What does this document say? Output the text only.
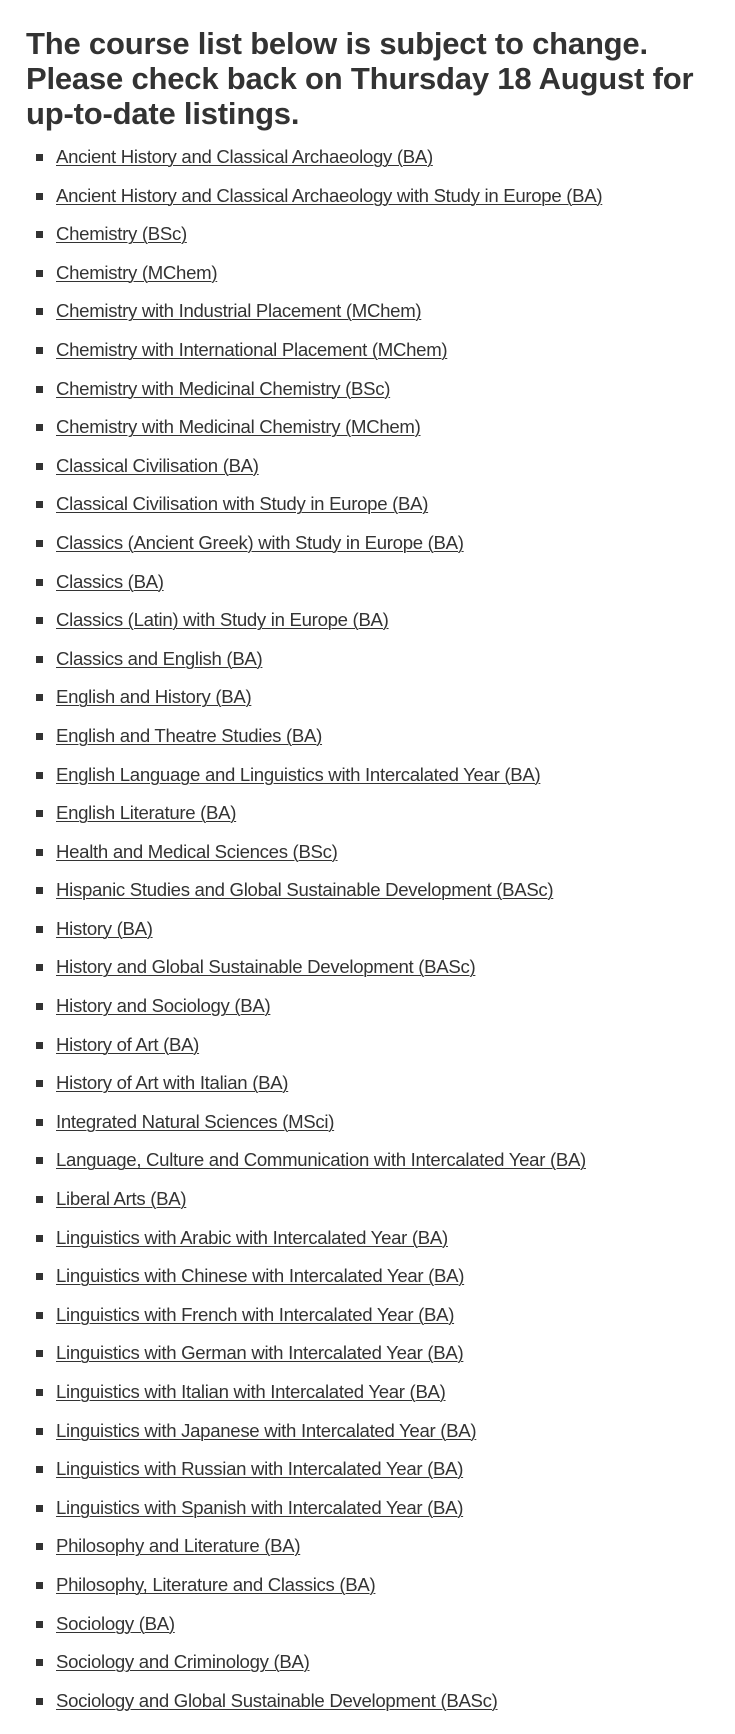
The course list below is subject to change.
Please check back on Thursday 18 August for
up-to-date listings.
Ancient History and Classical Archaeology (BA)
Ancient History and Classical Archaeology with Study in Europe (BA)
Chemistry (BSc)
Chemistry (MChem)
Chemistry with Industrial Placement (MChem)
Chemistry with International Placement (MChem)
Chemistry with Medicinal Chemistry (BSc)
Chemistry with Medicinal Chemistry (MChem)
Classical Civilisation (BA)
Classical Civilisation with Study in Europe (BA)
Classics (Ancient Greek) with Study in Europe (BA)
Classics (BA)
Classics (Latin) with Study in Europe (BA)
Classics and English (BA)
English and History (BA)
English and Theatre Studies (BA)
English Language and Linguistics with Intercalated Year (BA)
English Literature (BA)
Health and Medical Sciences (BSc)
Hispanic Studies and Global Sustainable Development (BASc)
History (BA)
History and Global Sustainable Development (BASc)
History and Sociology (BA)
History of Art (BA)
History of Art with Italian (BA)
Integrated Natural Sciences (MSci)
Language, Culture and Communication with Intercalated Year (BA)
Liberal Arts (BA)
Linguistics with Arabic with Intercalated Year (BA)
Linguistics with Chinese with Intercalated Year (BA)
Linguistics with French with Intercalated Year (BA)
Linguistics with German with Intercalated Year (BA)
Linguistics with Italian with Intercalated Year (BA)
Linguistics with Japanese with Intercalated Year (BA)
Linguistics with Russian with Intercalated Year (BA)
Linguistics with Spanish with Intercalated Year (BA)
Philosophy and Literature (BA)
Philosophy, Literature and Classics (BA)
Sociology (BA)
Sociology and Criminology (BA)
Sociology and Global Sustainable Development (BASc)
